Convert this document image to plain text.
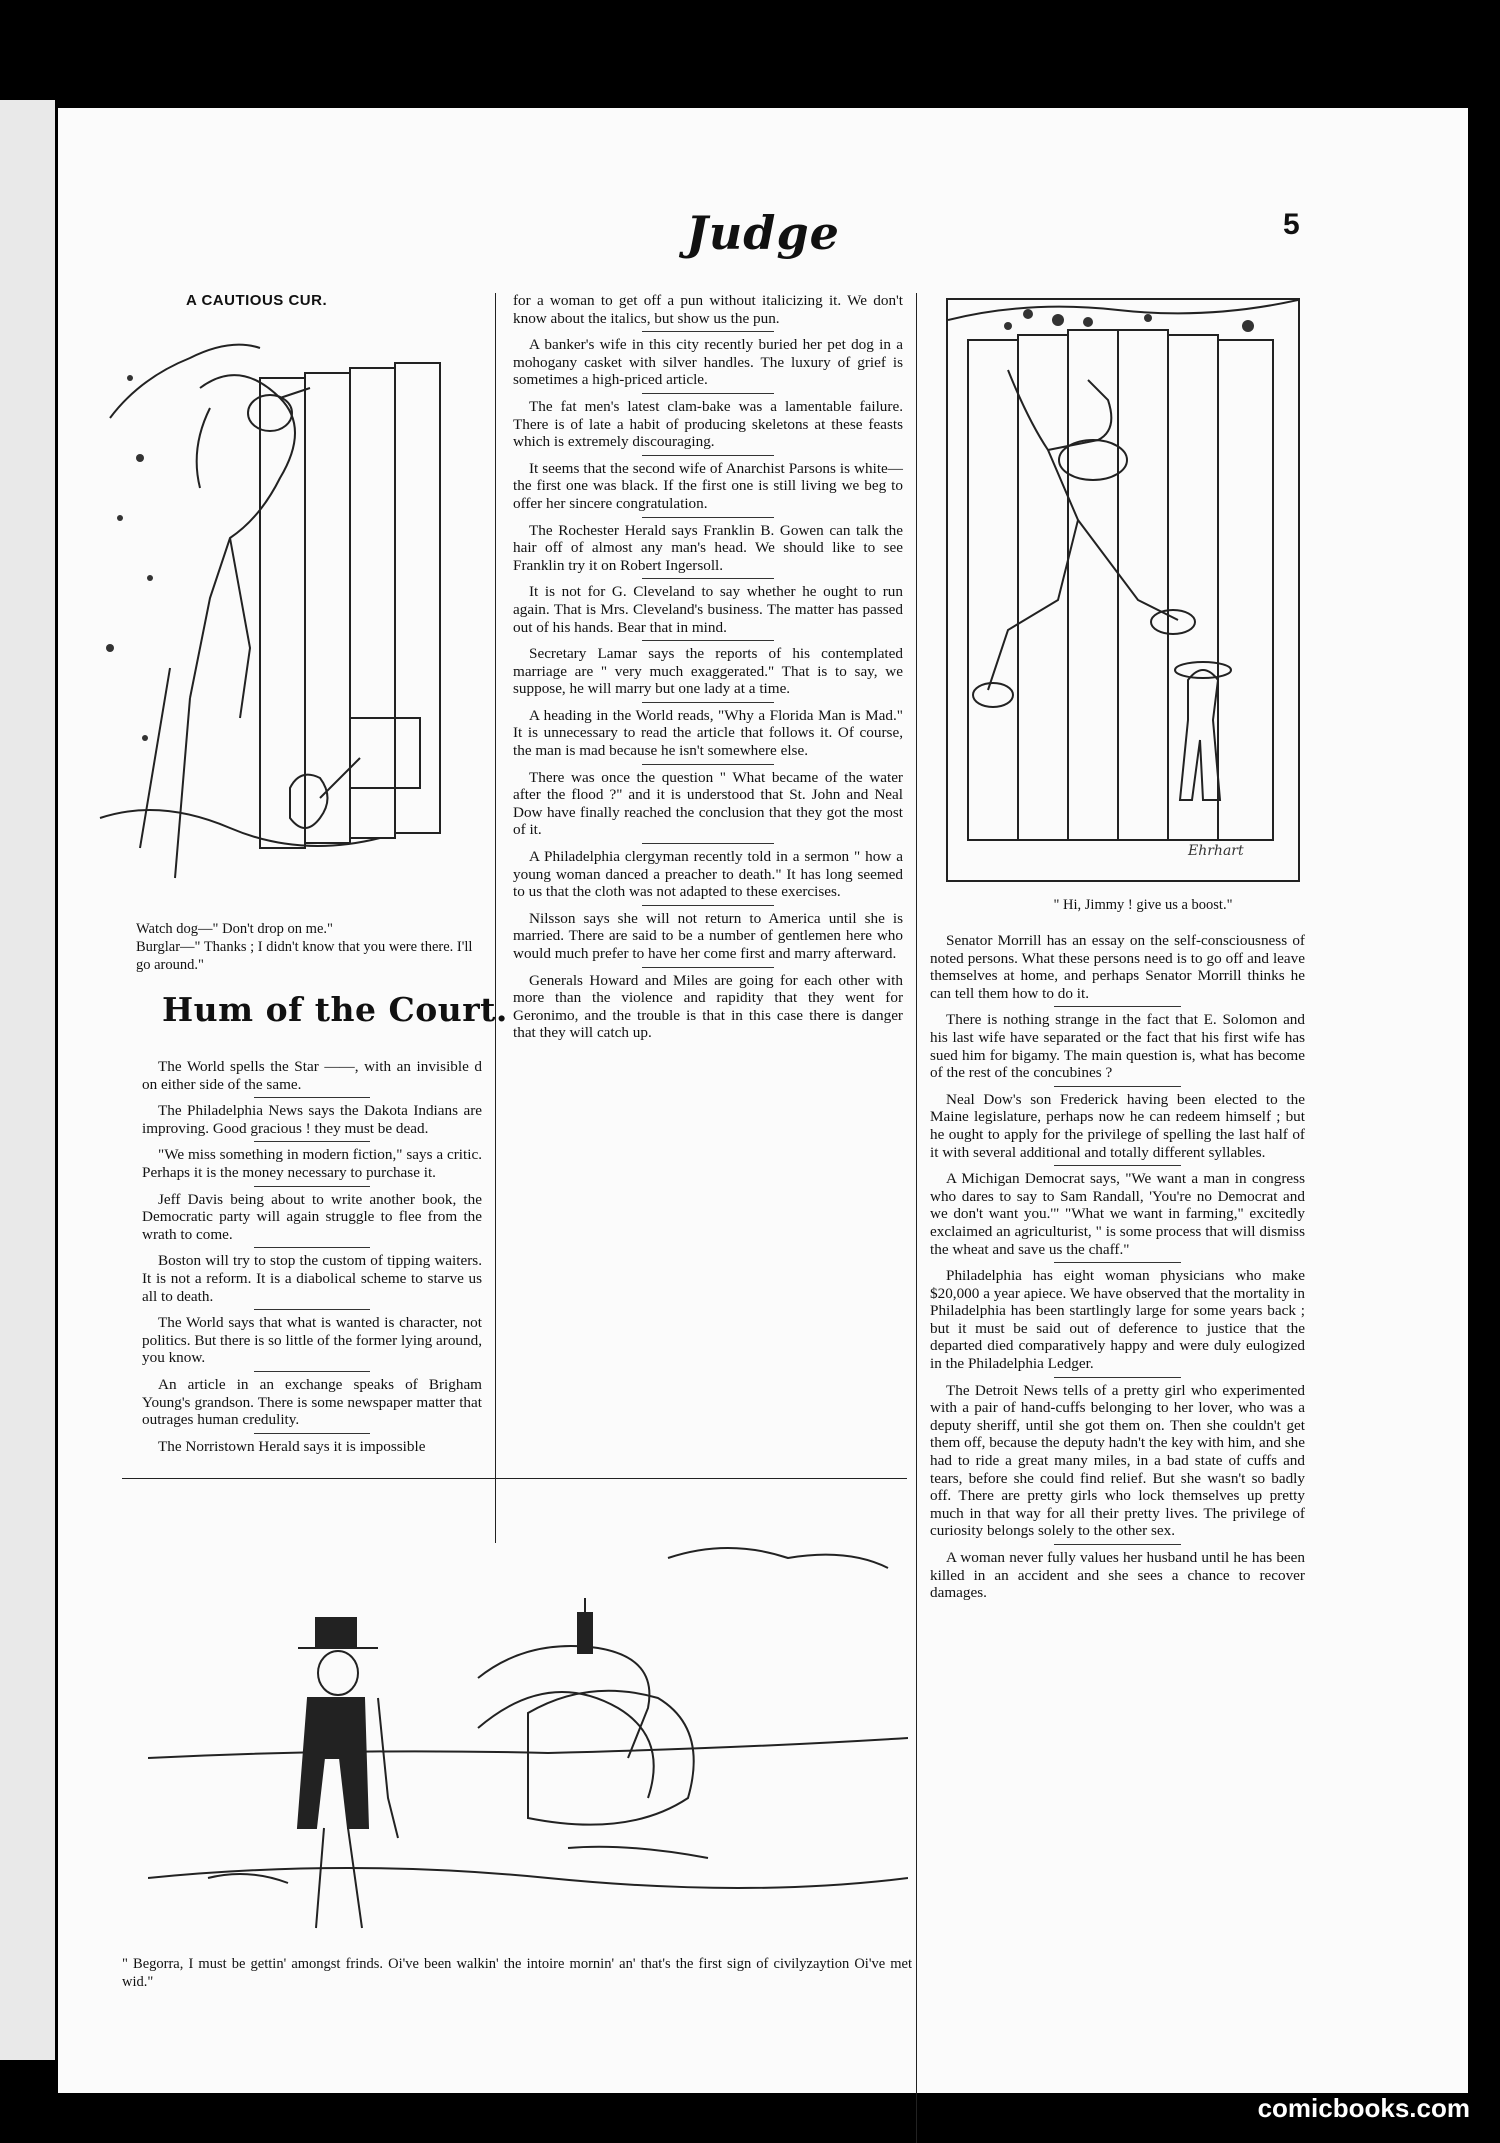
Judge	5
A CAUTIOUS CUR.
Watch dog—" Don't drop on me."
Burglar—" Thanks ; I didn't know that you were there. I'll go around."
Hum of the Court.

The World spells the Star ——, with an invisible d on either side of the same.

The Philadelphia News says the Dakota Indians are improving. Good gracious ! they must be dead.

"We miss something in modern fiction," says a critic. Perhaps it is the money necessary to purchase it.

Jeff Davis being about to write another book, the Democratic party will again struggle to flee from the wrath to come.

Boston will try to stop the custom of tipping waiters. It is not a reform. It is a diabolical scheme to starve us all to death.

The World says that what is wanted is character, not politics. But there is so little of the former lying around, you know.

An article in an exchange speaks of Brigham Young's grandson. There is some newspaper matter that outrages human credulity.

The Norristown Herald says it is impossible

for a woman to get off a pun without italicizing it. We don't know about the italics, but show us the pun.

A banker's wife in this city recently buried her pet dog in a mohogany casket with silver handles. The luxury of grief is sometimes a high-priced article.

The fat men's latest clam-bake was a lamentable failure. There is of late a habit of producing skeletons at these feasts which is extremely discouraging.

It seems that the second wife of Anarchist Parsons is white—the first one was black. If the first one is still living we beg to offer her sincere congratulation.

The Rochester Herald says Franklin B. Gowen can talk the hair off of almost any man's head. We should like to see Franklin try it on Robert Ingersoll.

It is not for G. Cleveland to say whether he ought to run again. That is Mrs. Cleveland's business. The matter has passed out of his hands. Bear that in mind.

Secretary Lamar says the reports of his contemplated marriage are " very much exaggerated." That is to say, we suppose, he will marry but one lady at a time.

A heading in the World reads, "Why a Florida Man is Mad." It is unnecessary to read the article that follows it. Of course, the man is mad because he isn't somewhere else.

There was once the question " What became of the water after the flood ?" and it is understood that St. John and Neal Dow have finally reached the conclusion that they got the most of it.

A Philadelphia clergyman recently told in a sermon " how a young woman danced a preacher to death." It has long seemed to us that the cloth was not adapted to these exercises.

Nilsson says she will not return to America until she is married. There are said to be a number of gentlemen here who would much prefer to have her come first and marry afterward.

Generals Howard and Miles are going for each other with more than the violence and rapidity that they went for Geronimo, and the trouble is that in this case there is danger that they will catch up.

Ehrhart
" Hi, Jimmy ! give us a boost."

Senator Morrill has an essay on the self-consciousness of noted persons. What these persons need is to go off and leave themselves at home, and perhaps Senator Morrill thinks he can tell them how to do it.

There is nothing strange in the fact that E. Solomon and his last wife have separated or the fact that his first wife has sued him for bigamy. The main question is, what has become of the rest of the concubines ?

Neal Dow's son Frederick having been elected to the Maine legislature, perhaps now he can redeem himself ; but he ought to apply for the privilege of spelling the last half of it with several additional and totally different syllables.

A Michigan Democrat says, "We want a man in congress who dares to say to Sam Randall, 'You're no Democrat and we don't want you.'" "What we want in farming," excitedly exclaimed an agriculturist, " is some process that will dismiss the wheat and save us the chaff."

Philadelphia has eight woman physicians who make $20,000 a year apiece. We have observed that the mortality in Philadelphia has been startlingly large for some years back ; but it must be said out of deference to justice that the departed died comparatively happy and were duly eulogized in the Philadelphia Ledger.

The Detroit News tells of a pretty girl who experimented with a pair of hand-cuffs belonging to her lover, who was a deputy sheriff, until she got them on. Then she couldn't get them off, because the deputy hadn't the key with him, and she had to ride a great many miles, in a bad state of cuffs and tears, before she could find relief. But she wasn't so badly off. There are pretty girls who lock themselves up pretty much in that way for all their pretty lives. The privilege of curiosity belongs solely to the other sex.

A woman never fully values her husband until he has been killed in an accident and she sees a chance to recover damages.

" Begorra, I must be gettin' amongst frinds. Oi've been walkin' the intoire mornin' an' that's the first sign of civilyzaytion Oi've met wid."
comicbooks.com
